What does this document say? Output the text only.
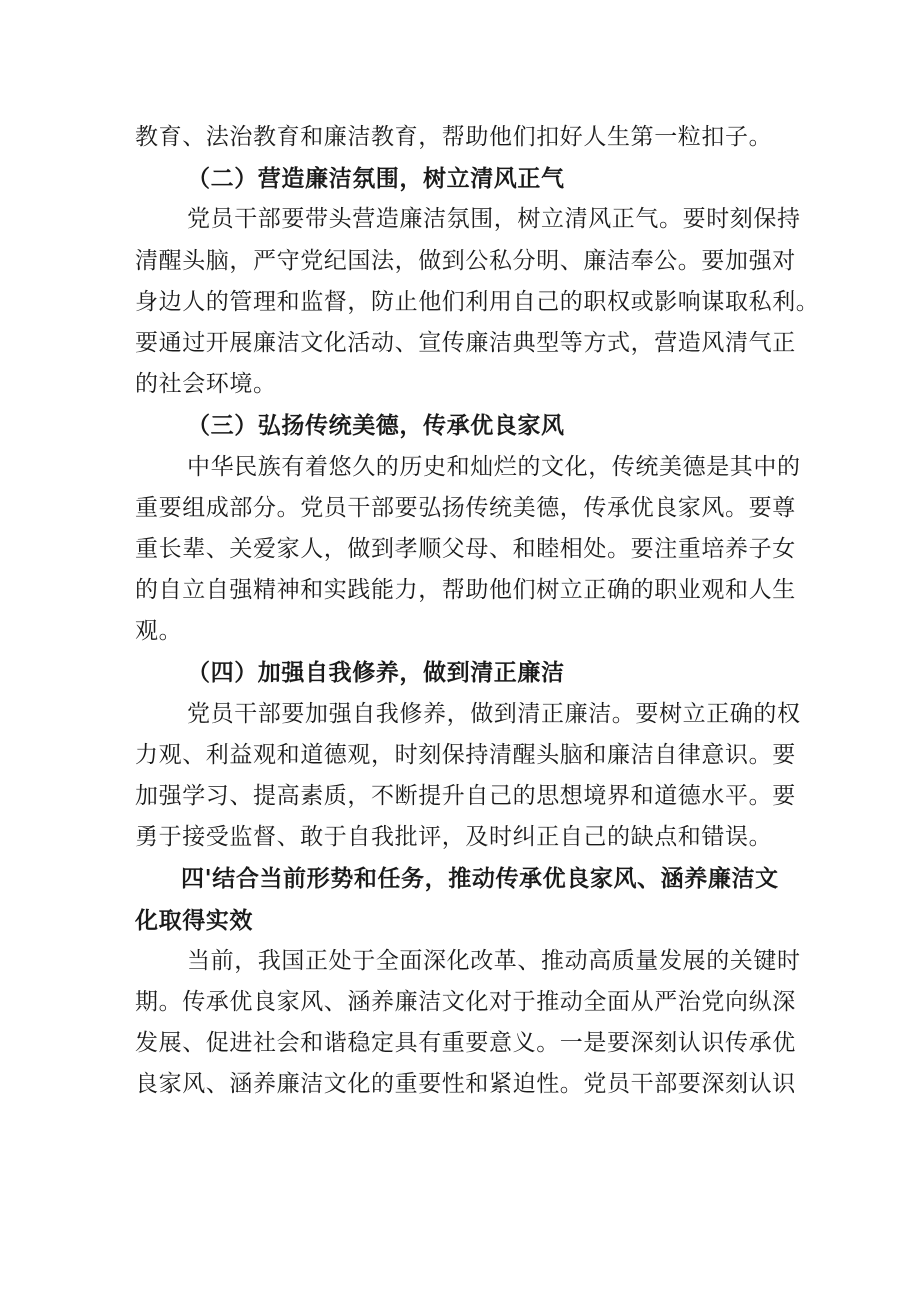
教育、法治教育和廉洁教育，帮助他们扣好人生第一粒扣子。
（二）营造廉洁氛围，树立清风正气
党员干部要带头营造廉洁氛围，树立清风正气。要时刻保持
清醒头脑，严守党纪国法，做到公私分明、廉洁奉公。要加强对
身边人的管理和监督，防止他们利用自己的职权或影响谋取私利。
要通过开展廉洁文化活动、宣传廉洁典型等方式，营造风清气正
的社会环境。
（三）弘扬传统美德，传承优良家风
中华民族有着悠久的历史和灿烂的文化，传统美德是其中的
重要组成部分。党员干部要弘扬传统美德，传承优良家风。要尊
重长辈、关爱家人，做到孝顺父母、和睦相处。要注重培养子女
的自立自强精神和实践能力，帮助他们树立正确的职业观和人生
观。
（四）加强自我修养，做到清正廉洁
党员干部要加强自我修养，做到清正廉洁。要树立正确的权
力观、利益观和道德观，时刻保持清醒头脑和廉洁自律意识。要
加强学习、提高素质，不断提升自己的思想境界和道德水平。要
勇于接受监督、敢于自我批评，及时纠正自己的缺点和错误。
四'结合当前形势和任务，推动传承优良家风、涵养廉洁文
化取得实效
当前，我国正处于全面深化改革、推动高质量发展的关键时
期。传承优良家风、涵养廉洁文化对于推动全面从严治党向纵深
发展、促进社会和谐稳定具有重要意义。一是要深刻认识传承优
良家风、涵养廉洁文化的重要性和紧迫性。党员干部要深刻认识
